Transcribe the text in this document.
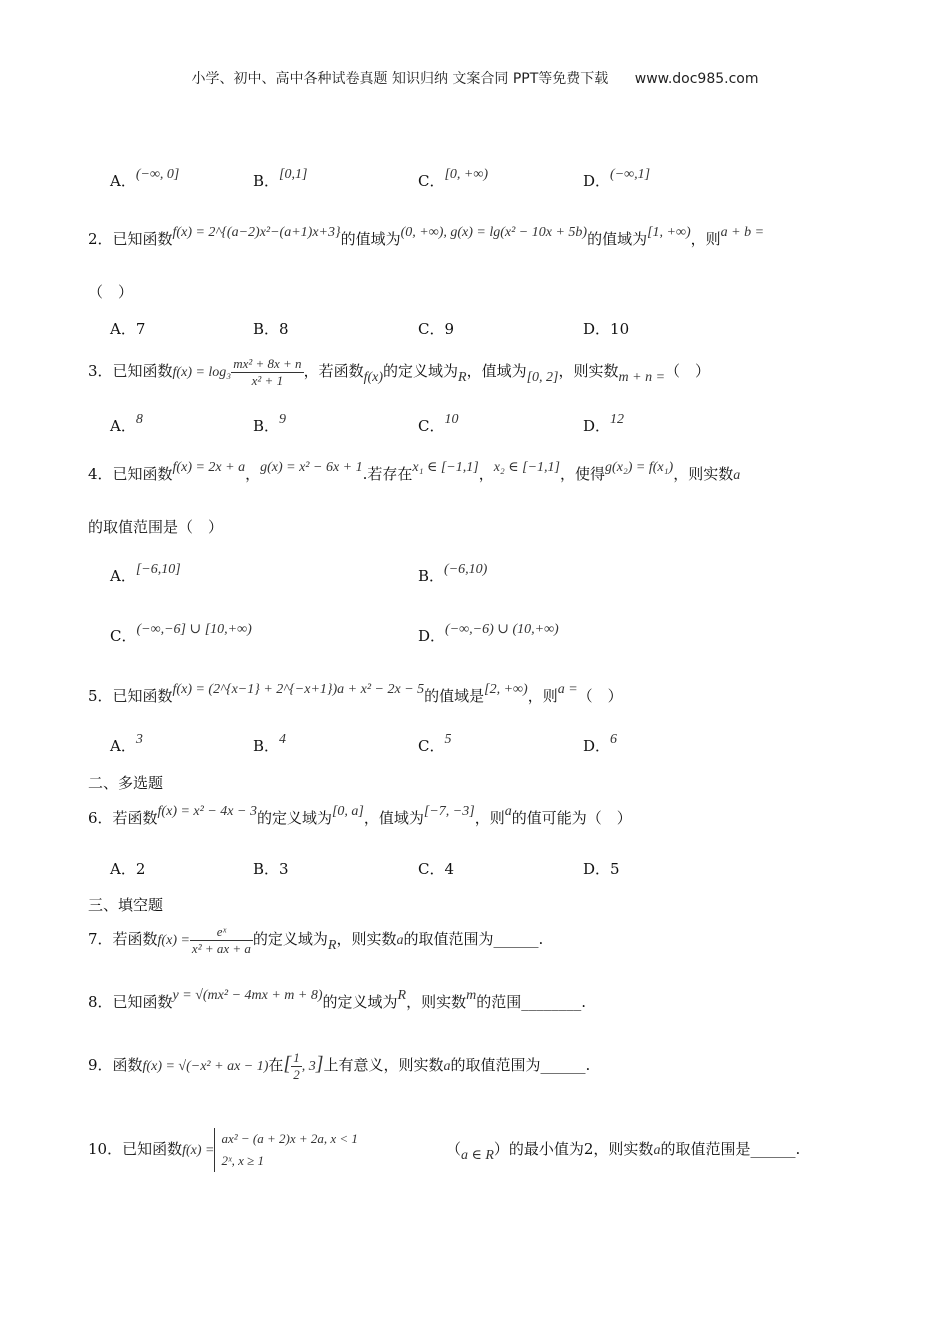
小学、初中、高中各种试卷真题 知识归纳 文案合同 PPT等免费下载 www.doc985.com
A．(−∞, 0]	B．[0,1]	C．[0, +∞)	D．(−∞,1]
2．已知函数f(x) = 2^{(a−2)x²−(a+1)x+3}的值域为(0, +∞), g(x) = lg(x² − 10x + 5b)的值域为[1, +∞)，则a + b =
（　）
A．7	B．8	C．9	D．10
3．已知函数$f(x) = \log_3 \frac{\text{mx² + 8x + n}}{\text{x² + 1}}$ ，若函数f(x)的定义域为R，值域为[0, 2]，则实数m + n =（　）
A．8	B．9	C．10	D．12
4．已知函数f(x) = 2x + a，g(x) = x² − 6x + 1.若存在x₁ ∈ [−1,1]，x₂ ∈ [−1,1]，使得g(x₂) = f(x₁)，则实数a
的取值范围是（　）
A．[−6,10]	B．(−6,10)
C．(−∞,−6] ∪ [10,+∞)	D．(−∞,−6) ∪ (10,+∞)
5．已知函数f(x) = (2^{x−1} + 2^{−x+1})a + x² − 2x − 5的值域是[2, +∞)，则a =（　）
A．3	B．4	C．5	D．6
二、多选题
6．若函数f(x) = x² − 4x − 3的定义域为[0, a]，值域为[−7, −3]，则a的值可能为（　）
A．2	B．3	C．4	D．5
三、填空题
7．若函数$f(x) = \frac{\text{eˣ}}{\text{x² + ax + a}}$ 的定义域为R，则实数a的取值范围为______.
8．已知函数y = √(mx² − 4mx + m + 8)的定义域为R，则实数m的范围________.
9．函数f(x) = √(−x² + ax − 1)在[ $\frac{1}{2}$ , 3]上有意义，则实数a的取值范围为______.
10．已知函数f(x) =
ax² − (a + 2)x + 2a, x < 1
2ˣ, x ≥ 1
（a ∈ R）的最小值为2，则实数a的取值范围是______.
